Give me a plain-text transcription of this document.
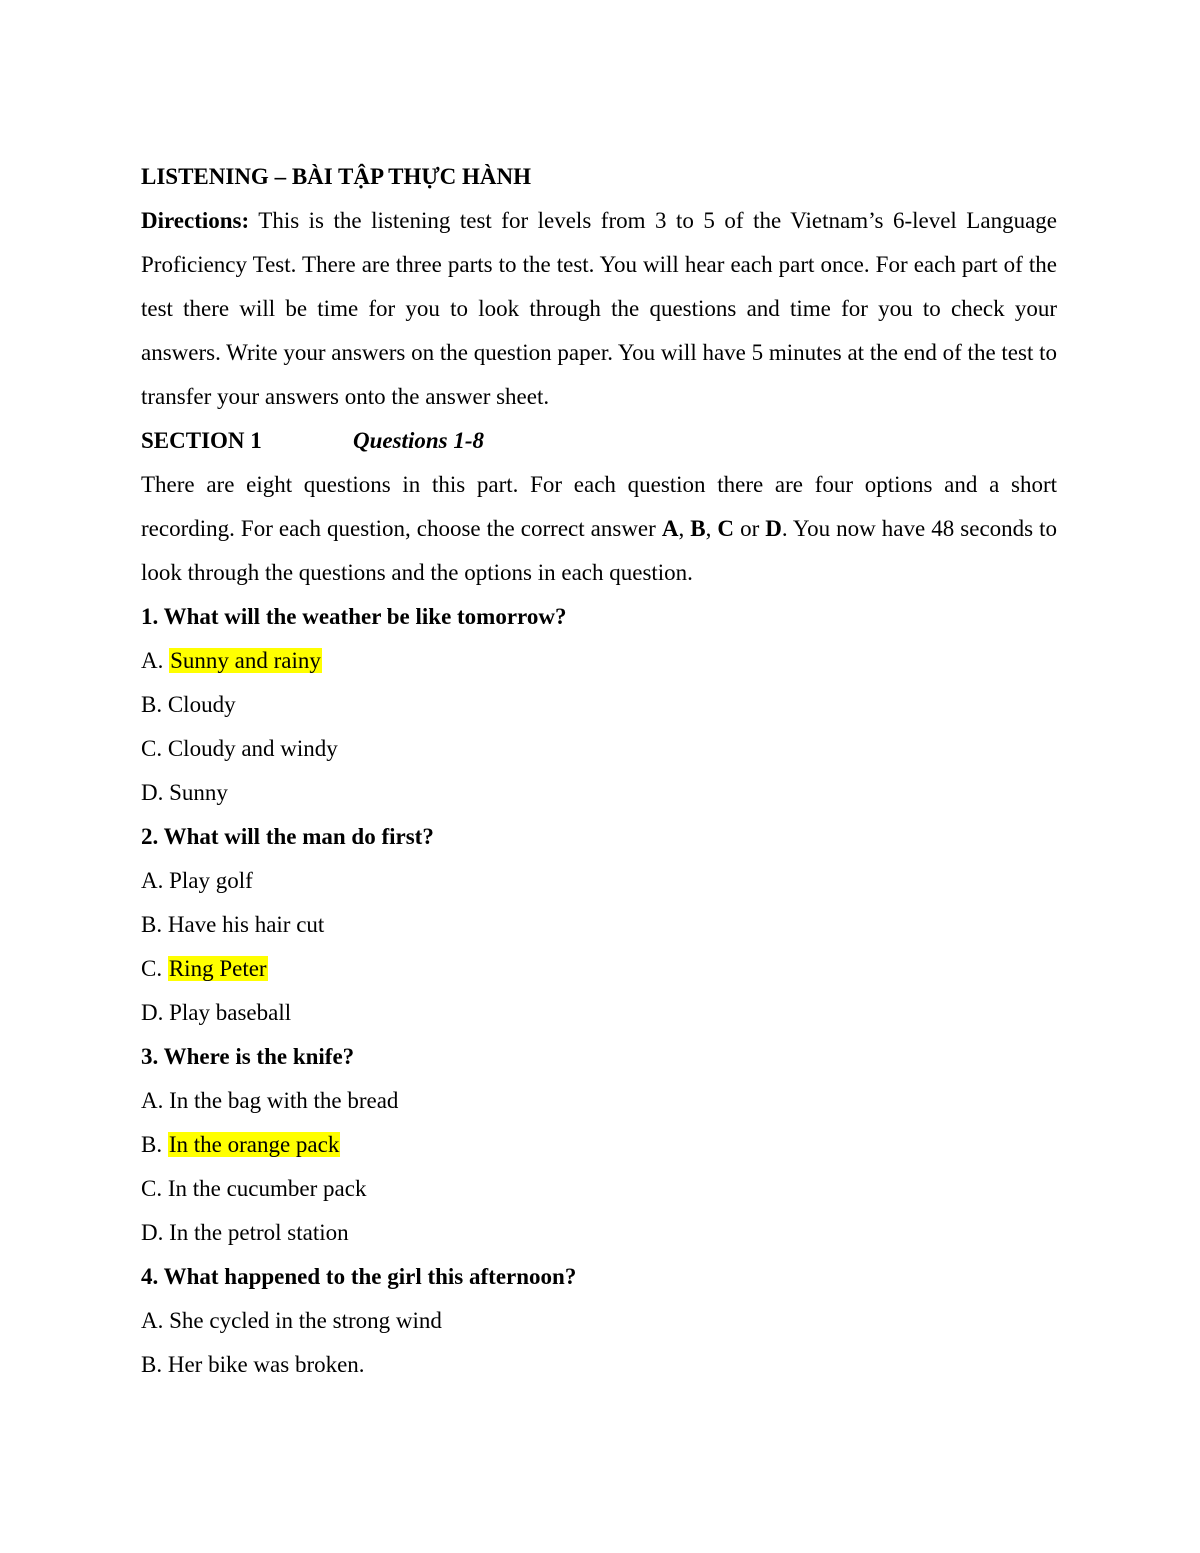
LISTENING – BÀI TẬP THỰC HÀNH
Directions: This is the listening test for levels from 3 to 5 of the Vietnam’s 6-level Language Proficiency Test. There are three parts to the test. You will hear each part once. For each part of the test there will be time for you to look through the questions and time for you to check your answers. Write your answers on the question paper. You will have 5 minutes at the end of the test to transfer your answers onto the answer sheet.
SECTION 1	Questions 1-8
There are eight questions in this part. For each question there are four options and a short recording. For each question, choose the correct answer A, B, C or D. You now have 48 seconds to look through the questions and the options in each question.
1. What will the weather be like tomorrow?
A. Sunny and rainy
B. Cloudy
C. Cloudy and windy
D. Sunny
2. What will the man do first?
A. Play golf
B. Have his hair cut
C. Ring Peter
D. Play baseball
3. Where is the knife?
A. In the bag with the bread
B. In the orange pack
C. In the cucumber pack
D. In the petrol station
4. What happened to the girl this afternoon?
A. She cycled in the strong wind
B. Her bike was broken.
